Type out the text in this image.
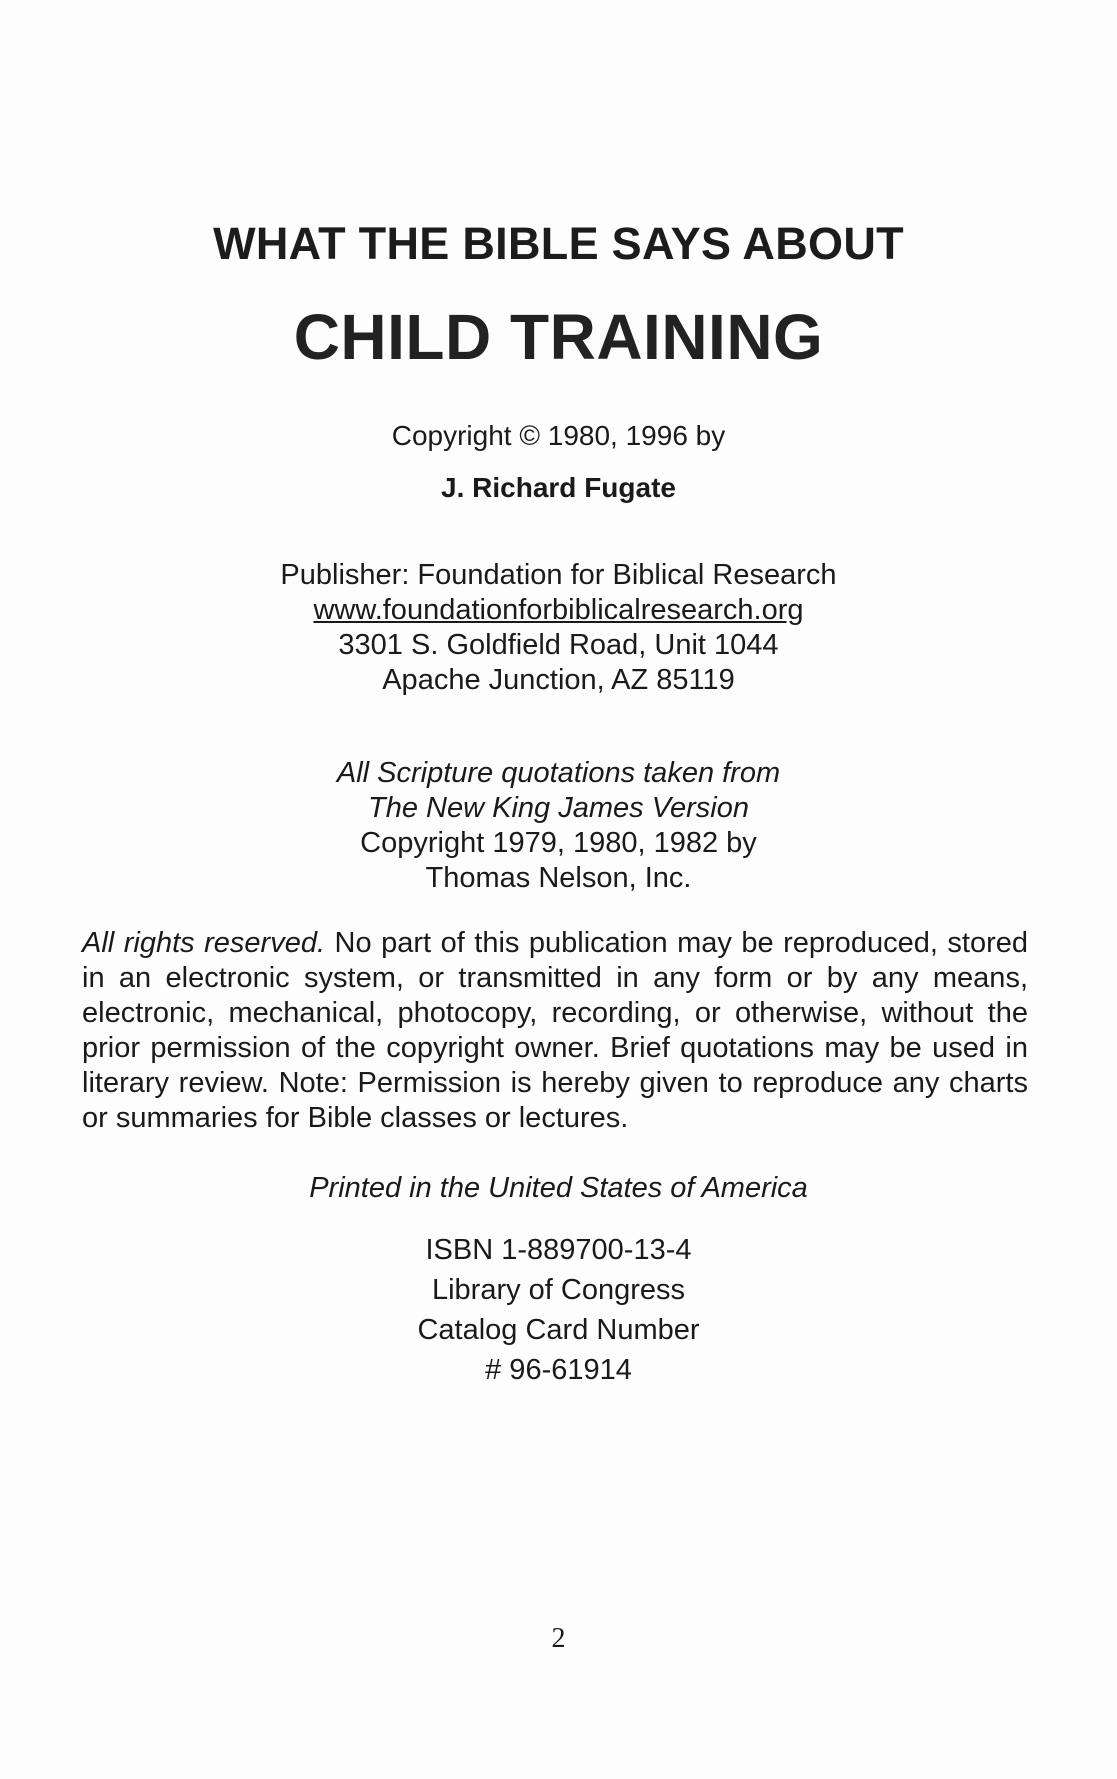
WHAT THE BIBLE SAYS ABOUT
CHILD TRAINING
Copyright © 1980, 1996 by
J. Richard Fugate
Publisher: Foundation for Biblical Research
www.foundationforbiblicalresearch.org
3301 S. Goldfield Road, Unit 1044
Apache Junction, AZ 85119
All Scripture quotations taken from
The New King James Version
Copyright 1979, 1980, 1982 by
Thomas Nelson, Inc.
All rights reserved. No part of this publication may be reproduced, stored in an electronic system, or transmitted in any form or by any means, electronic, mechanical, photocopy, recording, or otherwise, without the prior permission of the copyright owner. Brief quotations may be used in literary review. Note: Permission is hereby given to reproduce any charts or summaries for Bible classes or lectures.
Printed in the United States of America
ISBN 1-889700-13-4
Library of Congress
Catalog Card Number
# 96-61914
2
